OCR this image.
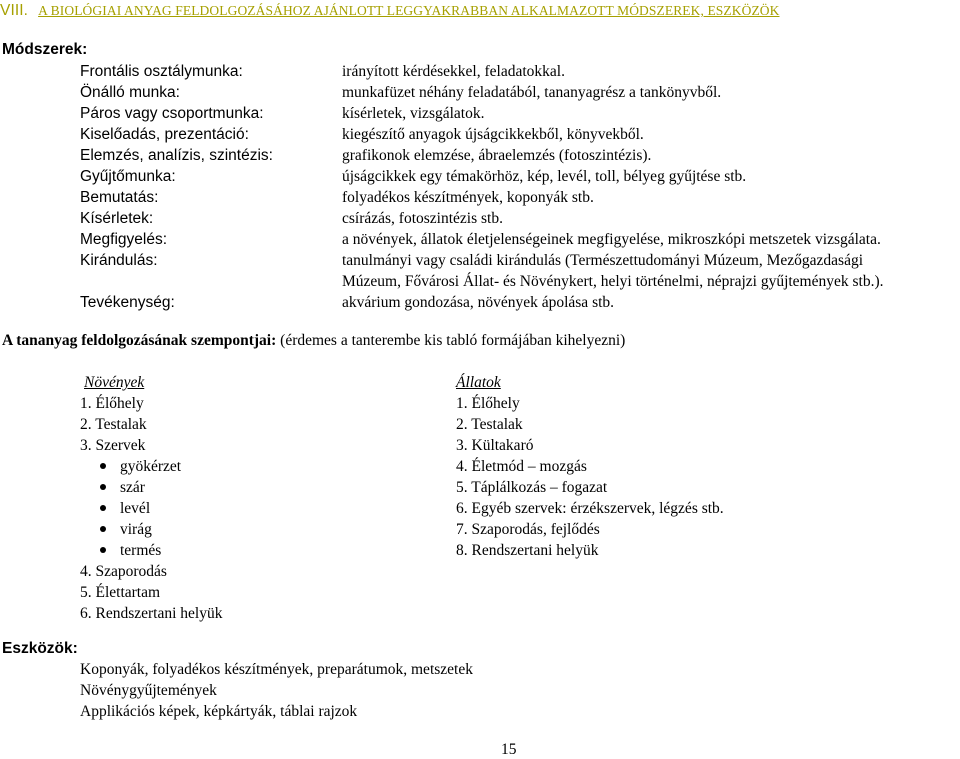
VIII. A BIOLÓGIAI ANYAG FELDOLGOZÁSÁHOZ AJÁNLOTT LEGGYAKRABBAN ALKALMAZOTT MÓDSZEREK, ESZKÖZÖK
Módszerek:
Frontális osztálymunka:	irányított kérdésekkel, feladatokkal.
Önálló munka:	munkafüzet néhány feladatából, tananyagrész a tankönyvből.
Páros vagy csoportmunka:	kísérletek, vizsgálatok.
Kiselőadás, prezentáció:	kiegészítő anyagok újságcikkekből, könyvekből.
Elemzés, analízis, szintézis:	grafikonok elemzése, ábraelemzés (fotoszintézis).
Gyűjtőmunka:	újságcikkek egy témakörhöz, kép, levél, toll, bélyeg gyűjtése stb.
Bemutatás:	folyadékos készítmények, koponyák stb.
Kísérletek:	csírázás, fotoszintézis stb.
Megfigyelés:	a növények, állatok életjelenségeinek megfigyelése, mikroszkópi metszetek vizsgálata.
Kirándulás:	tanulmányi vagy családi kirándulás (Természettudományi Múzeum, Mezőgazdasági
Múzeum, Fővárosi Állat- és Növénykert, helyi történelmi, néprajzi gyűjtemények stb.).
Tevékenység:	akvárium gondozása, növények ápolása stb.
A tananyag feldolgozásának szempontjai: (érdemes a tanterembe kis tabló formájában kihelyezni)
Növények
1. Élőhely
2. Testalak
3. Szervek
gyökérzet
szár
levél
virág
termés
4. Szaporodás
5. Élettartam
6. Rendszertani helyük
Állatok
1. Élőhely
2. Testalak
3. Kültakaró
4. Életmód – mozgás
5. Táplálkozás – fogazat
6. Egyéb szervek: érzékszervek, légzés stb.
7. Szaporodás, fejlődés
8. Rendszertani helyük
Eszközök:
Koponyák, folyadékos készítmények, preparátumok, metszetek
Növénygyűjtemények
Applikációs képek, képkártyák, táblai rajzok
15
